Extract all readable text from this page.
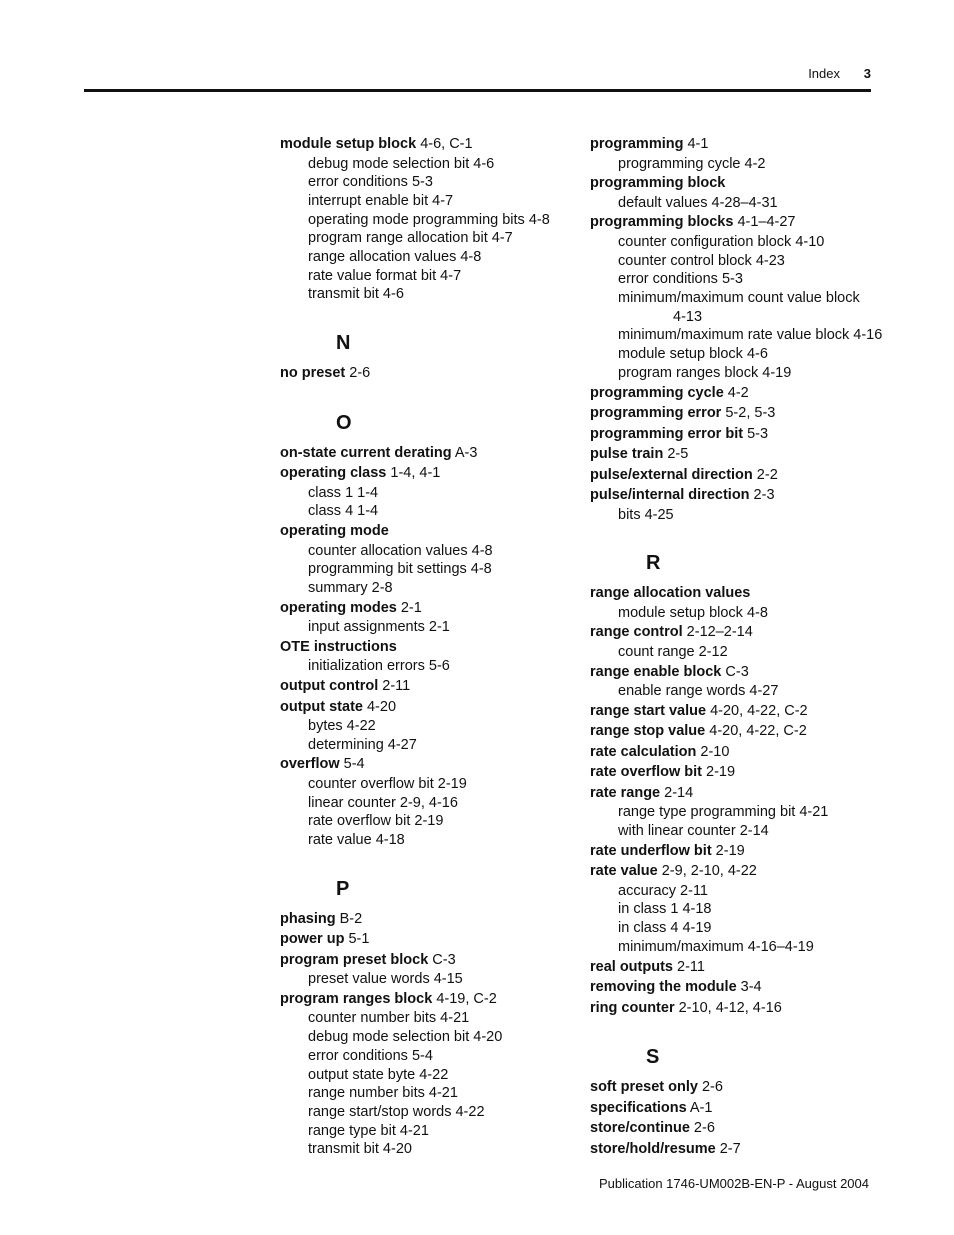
Index 3
module setup block 4-6, C-1
debug mode selection bit 4-6
error conditions 5-3
interrupt enable bit 4-7
operating mode programming bits 4-8
program range allocation bit 4-7
range allocation values 4-8
rate value format bit 4-7
transmit bit 4-6
N
no preset 2-6
O
on-state current derating A-3
operating class 1-4, 4-1
class 1 1-4
class 4 1-4
operating mode
counter allocation values 4-8
programming bit settings 4-8
summary 2-8
operating modes 2-1
input assignments 2-1
OTE instructions
initialization errors 5-6
output control 2-11
output state 4-20
bytes 4-22
determining 4-27
overflow 5-4
counter overflow bit 2-19
linear counter 2-9, 4-16
rate overflow bit 2-19
rate value 4-18
P
phasing B-2
power up 5-1
program preset block C-3
preset value words 4-15
program ranges block 4-19, C-2
counter number bits 4-21
debug mode selection bit 4-20
error conditions 5-4
output state byte 4-22
range number bits 4-21
range start/stop words 4-22
range type bit 4-21
transmit bit 4-20
programming 4-1
programming cycle 4-2
programming block
default values 4-28–4-31
programming blocks 4-1–4-27
counter configuration block 4-10
counter control block 4-23
error conditions 5-3
minimum/maximum count value block
4-13
minimum/maximum rate value block 4-16
module setup block 4-6
program ranges block 4-19
programming cycle 4-2
programming error 5-2, 5-3
programming error bit 5-3
pulse train 2-5
pulse/external direction 2-2
pulse/internal direction 2-3
bits 4-25
R
range allocation values
module setup block 4-8
range control 2-12–2-14
count range 2-12
range enable block C-3
enable range words 4-27
range start value 4-20, 4-22, C-2
range stop value 4-20, 4-22, C-2
rate calculation 2-10
rate overflow bit 2-19
rate range 2-14
range type programming bit 4-21
with linear counter 2-14
rate underflow bit 2-19
rate value 2-9, 2-10, 4-22
accuracy 2-11
in class 1 4-18
in class 4 4-19
minimum/maximum 4-16–4-19
real outputs 2-11
removing the module 3-4
ring counter 2-10, 4-12, 4-16
S
soft preset only 2-6
specifications A-1
store/continue 2-6
store/hold/resume 2-7
Publication 1746-UM002B-EN-P - August 2004
